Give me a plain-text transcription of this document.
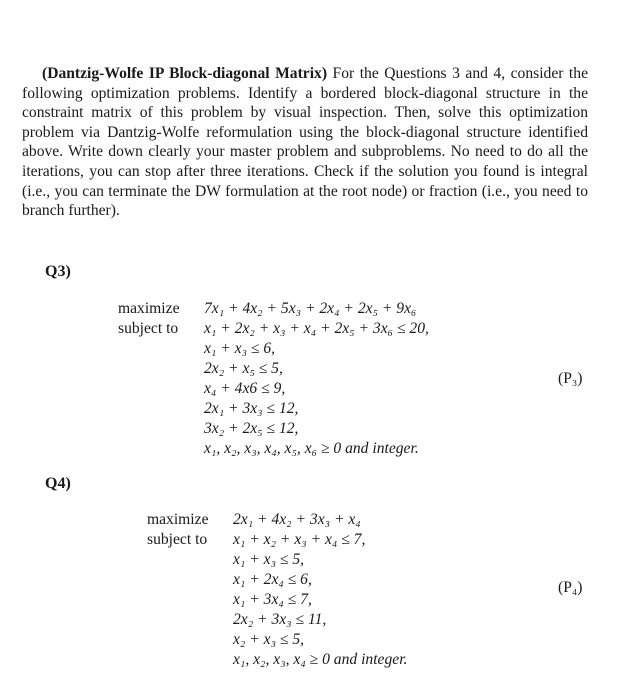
(Dantzig-Wolfe IP Block-diagonal Matrix) For the Questions 3 and 4, consider the following optimization problems. Identify a bordered block-diagonal structure in the constraint matrix of this problem by visual inspection. Then, solve this optimization problem via Dantzig-Wolfe reformulation using the block-diagonal structure identified above. Write down clearly your master problem and subproblems. No need to do all the iterations, you can stop after three iterations. Check if the solution you found is integral (i.e., you can terminate the DW formulation at the root node) or fraction (i.e., you need to branch further).
Q3)
maximize
subject to
7x₁ + 4x₂ + 5x₃ + 2x₄ + 2x₅ + 9x₆
x₁ + 2x₂ + x₃ + x₄ + 2x₅ + 3x₆ ≤ 20,
x₁ + x₃ ≤ 6,
2x₂ + x₅ ≤ 5,
x₄ + 4x6 ≤ 9,
2x₁ + 3x₃ ≤ 12,
3x₂ + 2x₅ ≤ 12,
x₁, x₂, x₃, x₄, x₅, x₆ ≥ 0 and integer.
(P₃)
Q4)
maximize
subject to
2x₁ + 4x₂ + 3x₃ + x₄
x₁ + x₂ + x₃ + x₄ ≤ 7,
x₁ + x₃ ≤ 5,
x₁ + 2x₄ ≤ 6,
x₁ + 3x₄ ≤ 7,
2x₂ + 3x₃ ≤ 11,
x₂ + x₃ ≤ 5,
x₁, x₂, x₃, x₄ ≥ 0 and integer.
(P₄)
